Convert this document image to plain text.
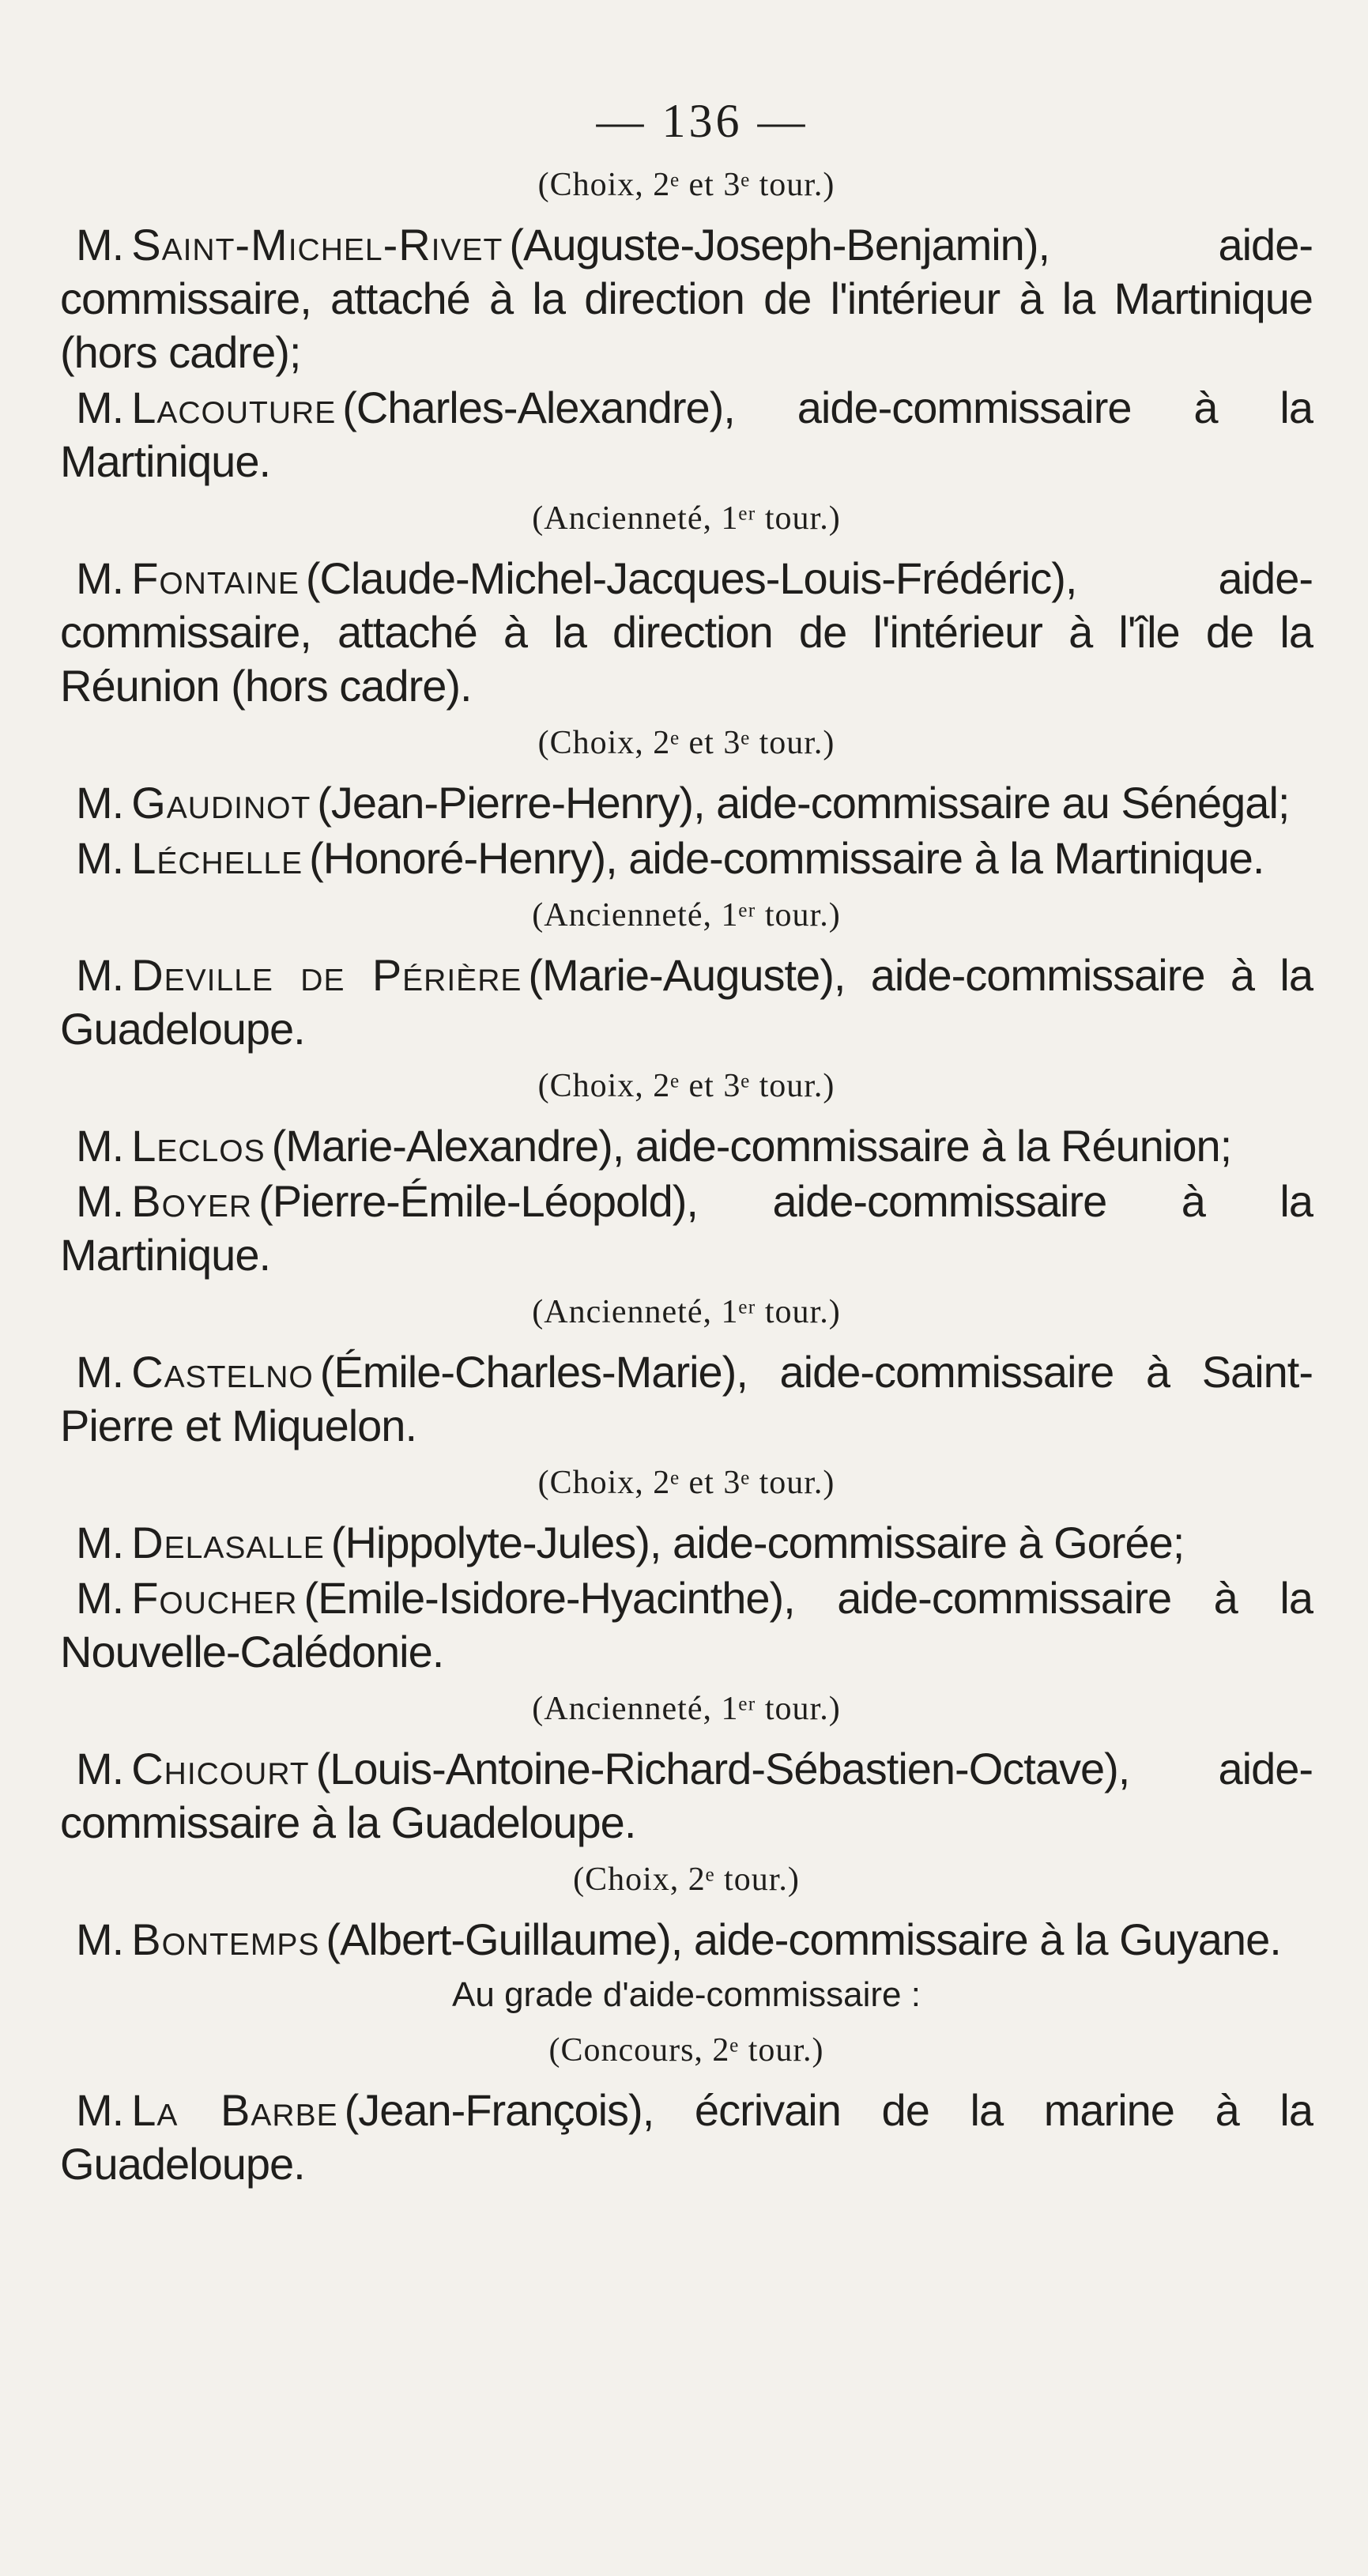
— 136 —

(Choix, 2ᵉ et 3ᵉ tour.)

M. Saint-Michel-Rivet (Auguste-Joseph-Benjamin), aide-commissaire, attaché à la direction de l'intérieur à la Martinique (hors cadre);

M. Lacouture (Charles-Alexandre), aide-commissaire à la Martinique.

(Ancienneté, 1ᵉʳ tour.)

M. Fontaine (Claude-Michel-Jacques-Louis-Frédéric), aide-commissaire, attaché à la direction de l'intérieur à l'île de la Réunion (hors cadre).

(Choix, 2ᵉ et 3ᵉ tour.)

M. Gaudinot (Jean-Pierre-Henry), aide-commissaire au Sénégal;

M. Léchelle (Honoré-Henry), aide-commissaire à la Martinique.

(Ancienneté, 1ᵉʳ tour.)

M. Deville de Périère (Marie-Auguste), aide-commissaire à la Guadeloupe.

(Choix, 2ᵉ et 3ᵉ tour.)

M. Leclos (Marie-Alexandre), aide-commissaire à la Réunion;

M. Boyer (Pierre-Émile-Léopold), aide-commissaire à la Martinique.

(Ancienneté, 1ᵉʳ tour.)

M. Castelno (Émile-Charles-Marie), aide-commissaire à Saint-Pierre et Miquelon.

(Choix, 2ᵉ et 3ᵉ tour.)

M. Delasalle (Hippolyte-Jules), aide-commissaire à Gorée;

M. Foucher (Emile-Isidore-Hyacinthe), aide-commissaire à la Nouvelle-Calédonie.

(Ancienneté, 1ᵉʳ tour.)

M. Chicourt (Louis-Antoine-Richard-Sébastien-Octave), aide-commissaire à la Guadeloupe.

(Choix, 2ᵉ tour.)

M. Bontemps (Albert-Guillaume), aide-commissaire à la Guyane.

Au grade d'aide-commissaire :

(Concours, 2ᵉ tour.)

M. La Barbe (Jean-François), écrivain de la marine à la Guadeloupe.
